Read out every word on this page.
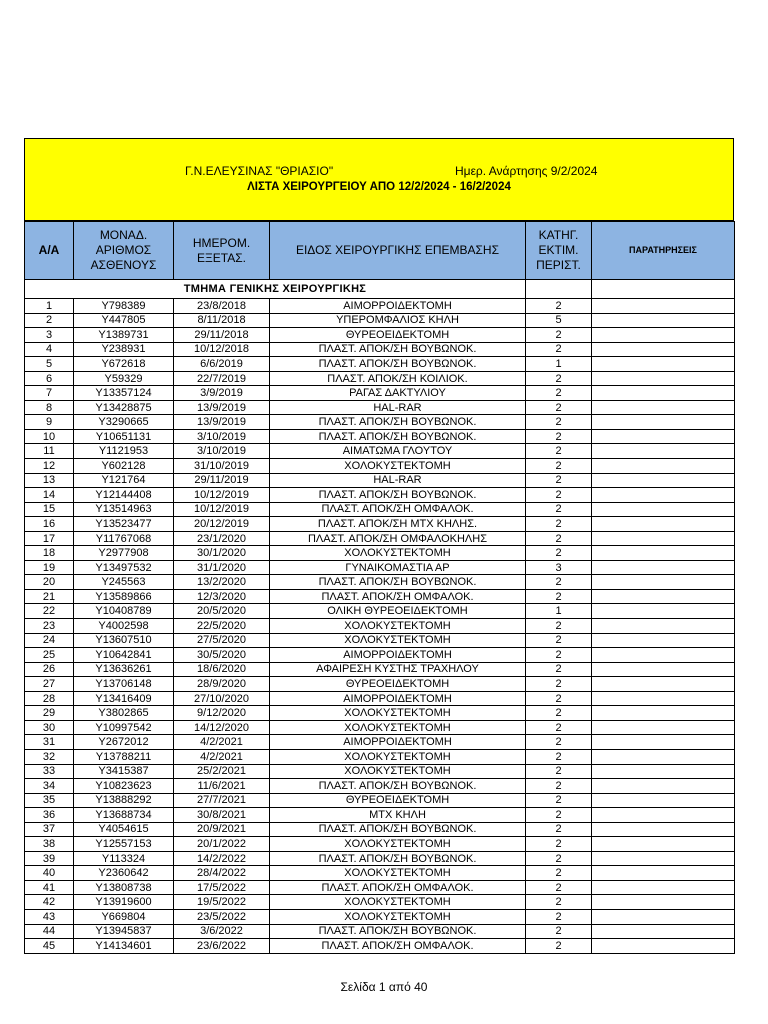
Γ.Ν.ΕΛΕΥΣΙΝΑΣ "ΘΡΙΑΣΙΟ"	Ημερ. Ανάρτησης 9/2/2024
ΛΙΣΤΑ ΧΕΙΡΟΥΡΓΕΙΟΥ ΑΠΟ 12/2/2024 - 16/2/2024
Α/Α	ΜΟΝΑΔ. ΑΡΙΘΜΟΣ ΑΣΘΕΝΟΥΣ	ΗΜΕΡΟΜ. ΕΞΕΤΑΣ.	ΕΙΔΟΣ ΧΕΙΡΟΥΡΓΙΚΗΣ ΕΠΕΜΒΑΣΗΣ	ΚΑΤΗΓ. ΕΚΤΙΜ. ΠΕΡΙΣΤ.	ΠΑΡΑΤΗΡΗΣΕΙΣ
ΤΜΗΜΑ ΓΕΝΙΚΗΣ ΧΕΙΡΟΥΡΓΙΚΗΣ					
1	Y798389	23/8/2018	ΑΙΜΟΡΡΟΙΔΕΚΤΟΜΗ	2	
2	Y447805	8/11/2018	ΥΠΕΡΟΜΦΑΛΙΟΣ ΚΗΛΗ	5	
3	Y1389731	29/11/2018	ΘΥΡΕΟΕΙΔΕΚΤΟΜΗ	2	
4	Y238931	10/12/2018	ΠΛΑΣΤ. ΑΠΟΚ/ΣΗ ΒΟΥΒΩΝΟΚ.	2	
5	Y672618	6/6/2019	ΠΛΑΣΤ. ΑΠΟΚ/ΣΗ ΒΟΥΒΩΝΟΚ.	1	
6	Y59329	22/7/2019	ΠΛΑΣΤ. ΑΠΟΚ/ΣΗ ΚΟΙΛΙΟΚ.	2	
7	Y13357124	3/9/2019	ΡΑΓΑΣ ΔΑΚΤΥΛΙΟΥ	2	
8	Y13428875	13/9/2019	HAL-RAR	2	
9	Y3290665	13/9/2019	ΠΛΑΣΤ. ΑΠΟΚ/ΣΗ ΒΟΥΒΩΝΟΚ.	2	
10	Y10651131	3/10/2019	ΠΛΑΣΤ. ΑΠΟΚ/ΣΗ ΒΟΥΒΩΝΟΚ.	2	
11	Y1121953	3/10/2019	ΑΙΜΑΤΩΜΑ ΓΛΟΥΤΟΥ	2	
12	Y602128	31/10/2019	ΧΟΛΟΚΥΣΤΕΚΤΟΜΗ	2	
13	Y121764	29/11/2019	HAL-RAR	2	
14	Y12144408	10/12/2019	ΠΛΑΣΤ. ΑΠΟΚ/ΣΗ ΒΟΥΒΩΝΟΚ.	2	
15	Y13514963	10/12/2019	ΠΛΑΣΤ. ΑΠΟΚ/ΣΗ ΟΜΦΑΛΟΚ.	2	
16	Y13523477	20/12/2019	ΠΛΑΣΤ. ΑΠΟΚ/ΣΗ ΜΤΧ ΚΗΛΗΣ.	2	
17	Y11767068	23/1/2020	ΠΛΑΣΤ. ΑΠΟΚ/ΣΗ ΟΜΦΑΛΟΚΗΛΗΣ	2	
18	Y2977908	30/1/2020	ΧΟΛΟΚΥΣΤΕΚΤΟΜΗ	2	
19	Y13497532	31/1/2020	ΓΥΝΑΙΚΟΜΑΣΤΙΑ ΑΡ	3	
20	Y245563	13/2/2020	ΠΛΑΣΤ. ΑΠΟΚ/ΣΗ ΒΟΥΒΩΝΟΚ.	2	
21	Y13589866	12/3/2020	ΠΛΑΣΤ. ΑΠΟΚ/ΣΗ ΟΜΦΑΛΟΚ.	2	
22	Y10408789	20/5/2020	ΟΛΙΚΗ ΘΥΡΕΟΕΙΔΕΚΤΟΜΗ	1	
23	Y4002598	22/5/2020	ΧΟΛΟΚΥΣΤΕΚΤΟΜΗ	2	
24	Y13607510	27/5/2020	ΧΟΛΟΚΥΣΤΕΚΤΟΜΗ	2	
25	Y10642841	30/5/2020	ΑΙΜΟΡΡΟΙΔΕΚΤΟΜΗ	2	
26	Y13636261	18/6/2020	ΑΦΑΙΡΕΣΗ ΚΥΣΤΗΣ ΤΡΑΧΗΛΟΥ	2	
27	Y13706148	28/9/2020	ΘΥΡΕΟΕΙΔΕΚΤΟΜΗ	2	
28	Y13416409	27/10/2020	ΑΙΜΟΡΡΟΙΔΕΚΤΟΜΗ	2	
29	Y3802865	9/12/2020	ΧΟΛΟΚΥΣΤΕΚΤΟΜΗ	2	
30	Y10997542	14/12/2020	ΧΟΛΟΚΥΣΤΕΚΤΟΜΗ	2	
31	Y2672012	4/2/2021	ΑΙΜΟΡΡΟΙΔΕΚΤΟΜΗ	2	
32	Y13788211	4/2/2021	ΧΟΛΟΚΥΣΤΕΚΤΟΜΗ	2	
33	Y3415387	25/2/2021	ΧΟΛΟΚΥΣΤΕΚΤΟΜΗ	2	
34	Y10823623	11/6/2021	ΠΛΑΣΤ. ΑΠΟΚ/ΣΗ ΒΟΥΒΩΝΟΚ.	2	
35	Y13888292	27/7/2021	ΘΥΡΕΟΕΙΔΕΚΤΟΜΗ	2	
36	Y13688734	30/8/2021	ΜΤΧ ΚΗΛΗ	2	
37	Y4054615	20/9/2021	ΠΛΑΣΤ. ΑΠΟΚ/ΣΗ ΒΟΥΒΩΝΟΚ.	2	
38	Y12557153	20/1/2022	ΧΟΛΟΚΥΣΤΕΚΤΟΜΗ	2	
39	Y113324	14/2/2022	ΠΛΑΣΤ. ΑΠΟΚ/ΣΗ ΒΟΥΒΩΝΟΚ.	2	
40	Y2360642	28/4/2022	ΧΟΛΟΚΥΣΤΕΚΤΟΜΗ	2	
41	Y13808738	17/5/2022	ΠΛΑΣΤ. ΑΠΟΚ/ΣΗ ΟΜΦΑΛΟΚ.	2	
42	Y13919600	19/5/2022	ΧΟΛΟΚΥΣΤΕΚΤΟΜΗ	2	
43	Y669804	23/5/2022	ΧΟΛΟΚΥΣΤΕΚΤΟΜΗ	2	
44	Y13945837	3/6/2022	ΠΛΑΣΤ. ΑΠΟΚ/ΣΗ ΒΟΥΒΩΝΟΚ.	2	
45	Y14134601	23/6/2022	ΠΛΑΣΤ. ΑΠΟΚ/ΣΗ ΟΜΦΑΛΟΚ.	2	
Σελίδα 1 από 40
